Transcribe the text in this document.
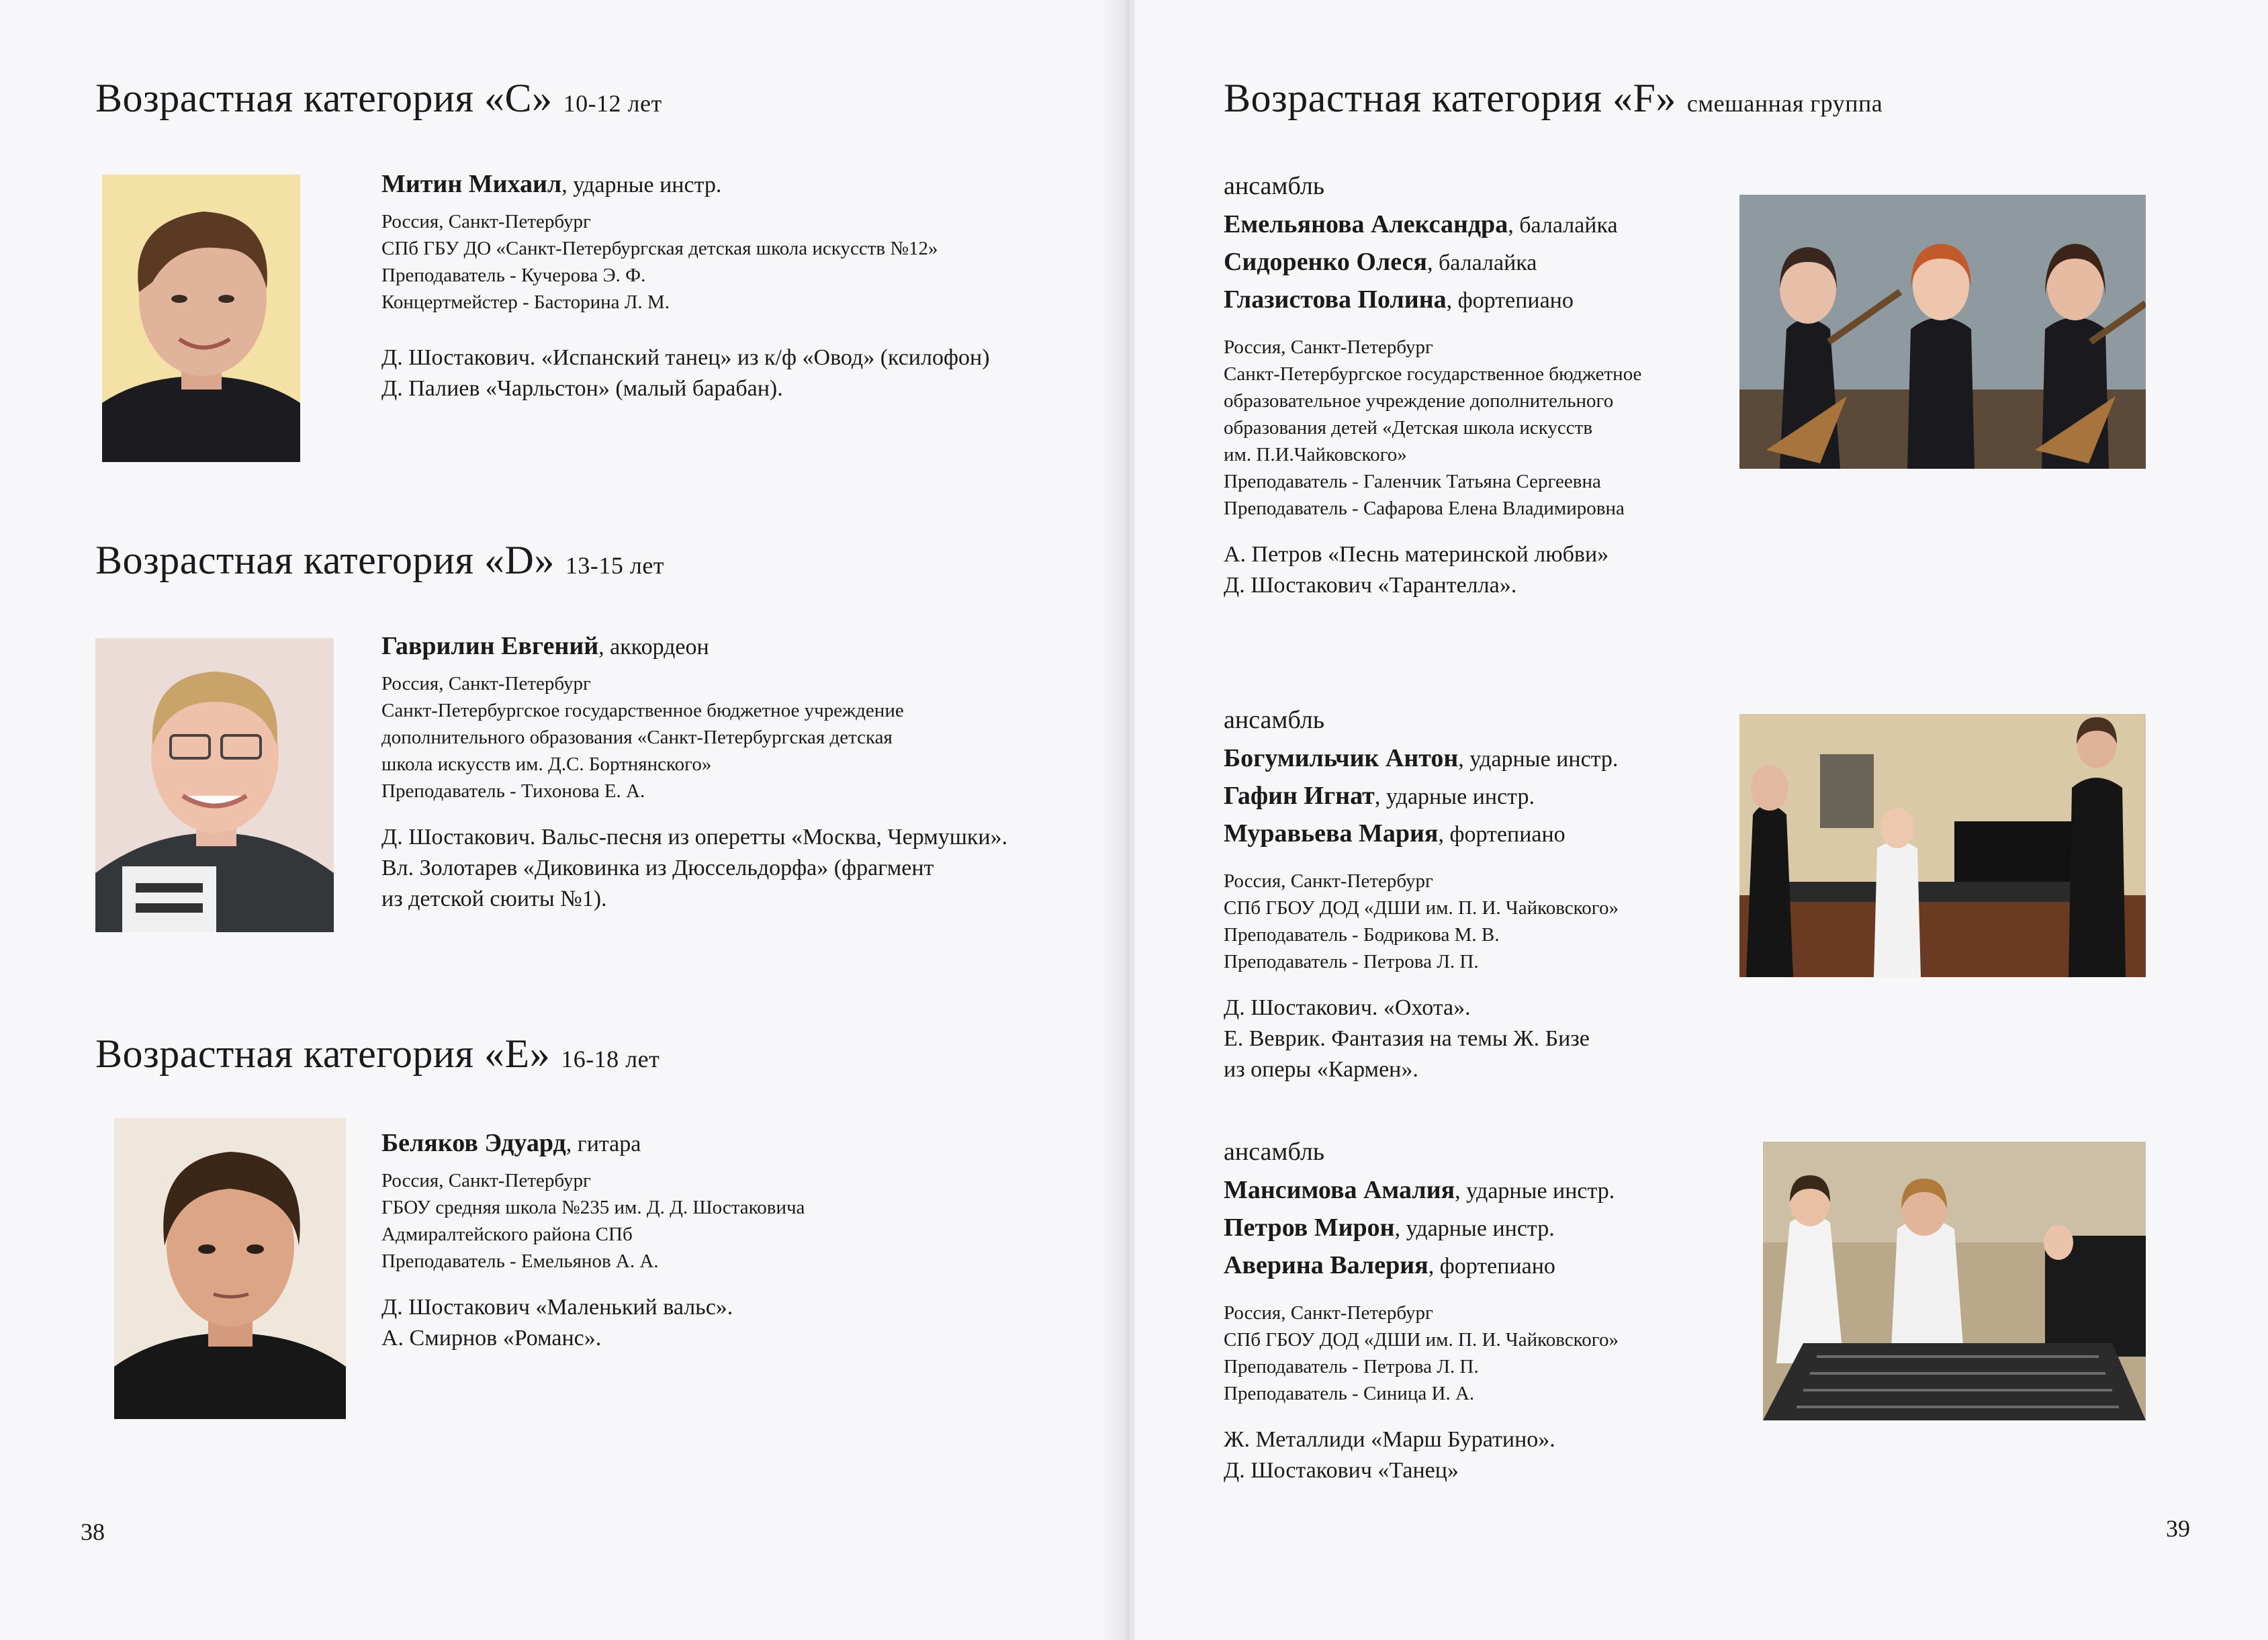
Возрастная категория «С» 10-12 лет

Митин Михаил, ударные инстр.

Россия, Санкт-Петербург

СПб ГБУ ДО «Санкт-Петербургская детская школа искусств №12»

Преподаватель - Кучерова Э. Ф.

Концертмейстер - Басторина Л. М.

Д. Шостакович. «Испанский танец» из к/ф «Овод» (ксилофон)

Д. Палиев «Чарльстон» (малый барабан).

Возрастная категория «D» 13-15 лет

Гаврилин Евгений, аккордеон

Россия, Санкт-Петербург

Санкт-Петербургское государственное бюджетное учреждение

дополнительного образования «Санкт-Петербургская детская

школа искусств им. Д.С. Бортнянского»

Преподаватель - Тихонова Е. А.

Д. Шостакович. Вальс-песня из оперетты «Москва, Чермушки».

Вл. Золотарев «Диковинка из Дюссельдорфа» (фрагмент

из детской сюиты №1).

Возрастная категория «Е» 16-18 лет

Беляков Эдуард, гитара

Россия, Санкт-Петербург

ГБОУ средняя школа №235 им. Д. Д. Шостаковича

Адмиралтейского района СПб

Преподаватель - Емельянов А. А.

Д. Шостакович «Маленький вальс».

А. Смирнов «Романс».

38
Возрастная категория «F» смешанная группа

ансамбль

Емельянова Александра, балалайка

Сидоренко Олеся, балалайка

Глазистова Полина, фортепиано

Россия, Санкт-Петербург

Санкт-Петербургское государственное бюджетное

образовательное учреждение дополнительного

образования детей «Детская школа искусств

им. П.И.Чайковского»

Преподаватель - Галенчик Татьяна Сергеевна

Преподаватель - Сафарова Елена Владимировна

А. Петров «Песнь материнской любви»

Д. Шостакович «Тарантелла».

ансамбль

Богумильчик Антон, ударные инстр.

Гафин Игнат, ударные инстр.

Муравьева Мария, фортепиано

Россия, Санкт-Петербург

СПб ГБОУ ДОД «ДШИ им. П. И. Чайковского»

Преподаватель - Бодрикова М. В.

Преподаватель - Петрова Л. П.

Д. Шостакович. «Охота».

Е. Веврик. Фантазия на темы Ж. Бизе

из оперы «Кармен».

ансамбль

Мансимова Амалия, ударные инстр.

Петров Мирон, ударные инстр.

Аверина Валерия, фортепиано

Россия, Санкт-Петербург

СПб ГБОУ ДОД «ДШИ им. П. И. Чайковского»

Преподаватель - Петрова Л. П.

Преподаватель - Синица И. А.

Ж. Металлиди «Марш Буратино».

Д. Шостакович «Танец»

39
